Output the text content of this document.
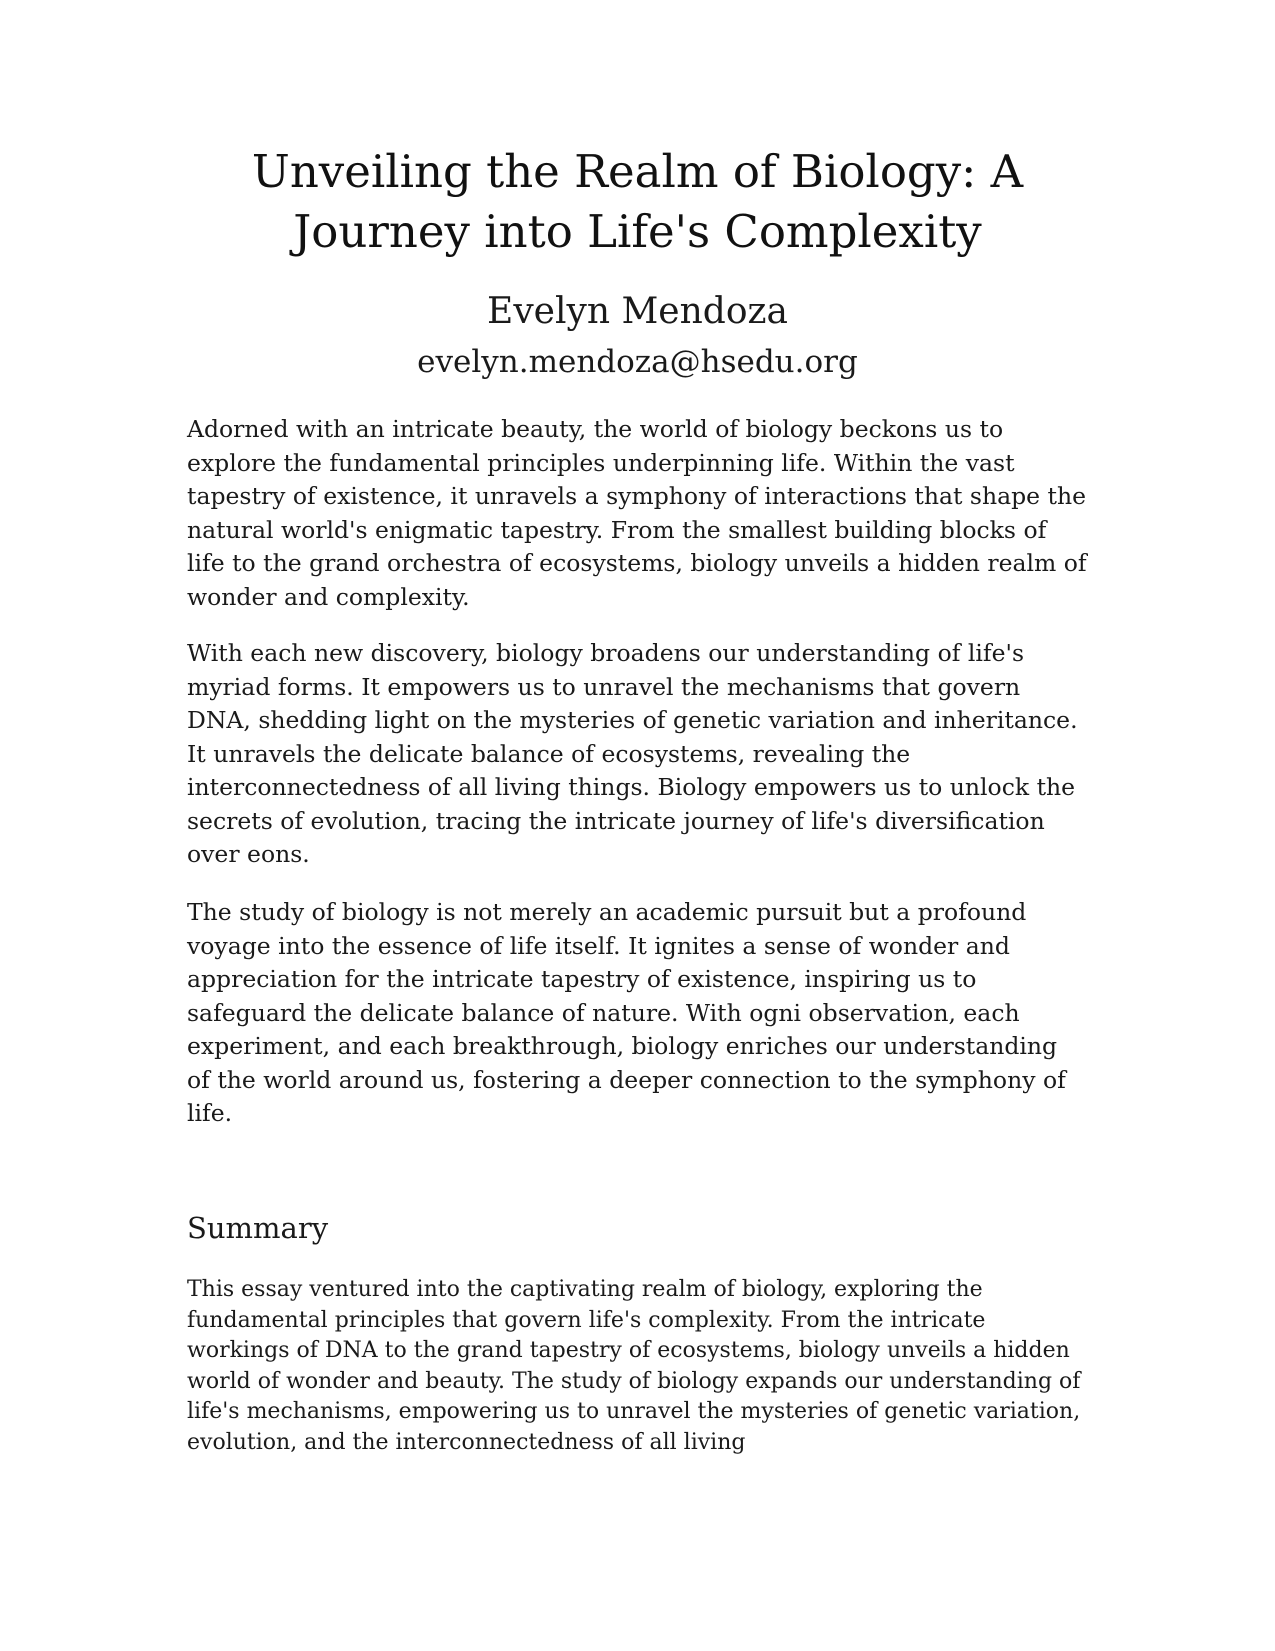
Unveiling the Realm of Biology: A
Journey into Life's Complexity

Evelyn Mendoza

evelyn.mendoza@hsedu.org

Adorned with an intricate beauty, the world of biology beckons us to explore the fundamental principles underpinning life. Within the vast tapestry of existence, it unravels a symphony of interactions that shape the natural world's enigmatic tapestry. From the smallest building blocks of life to the grand orchestra of ecosystems, biology unveils a hidden realm of wonder and complexity.

With each new discovery, biology broadens our understanding of life's myriad forms. It empowers us to unravel the mechanisms that govern DNA, shedding light on the mysteries of genetic variation and inheritance. It unravels the delicate balance of ecosystems, revealing the interconnectedness of all living things. Biology empowers us to unlock the secrets of evolution, tracing the intricate journey of life's diversification over eons.

The study of biology is not merely an academic pursuit but a profound voyage into the essence of life itself. It ignites a sense of wonder and appreciation for the intricate tapestry of existence, inspiring us to safeguard the delicate balance of nature. With ogni observation, each experiment, and each breakthrough, biology enriches our understanding of the world around us, fostering a deeper connection to the symphony of life.

Summary

This essay ventured into the captivating realm of biology, exploring the fundamental principles that govern life's complexity. From the intricate workings of DNA to the grand tapestry of ecosystems, biology unveils a hidden world of wonder and beauty. The study of biology expands our understanding of life's mechanisms, empowering us to unravel the mysteries of genetic variation, evolution, and the interconnectedness of all living
